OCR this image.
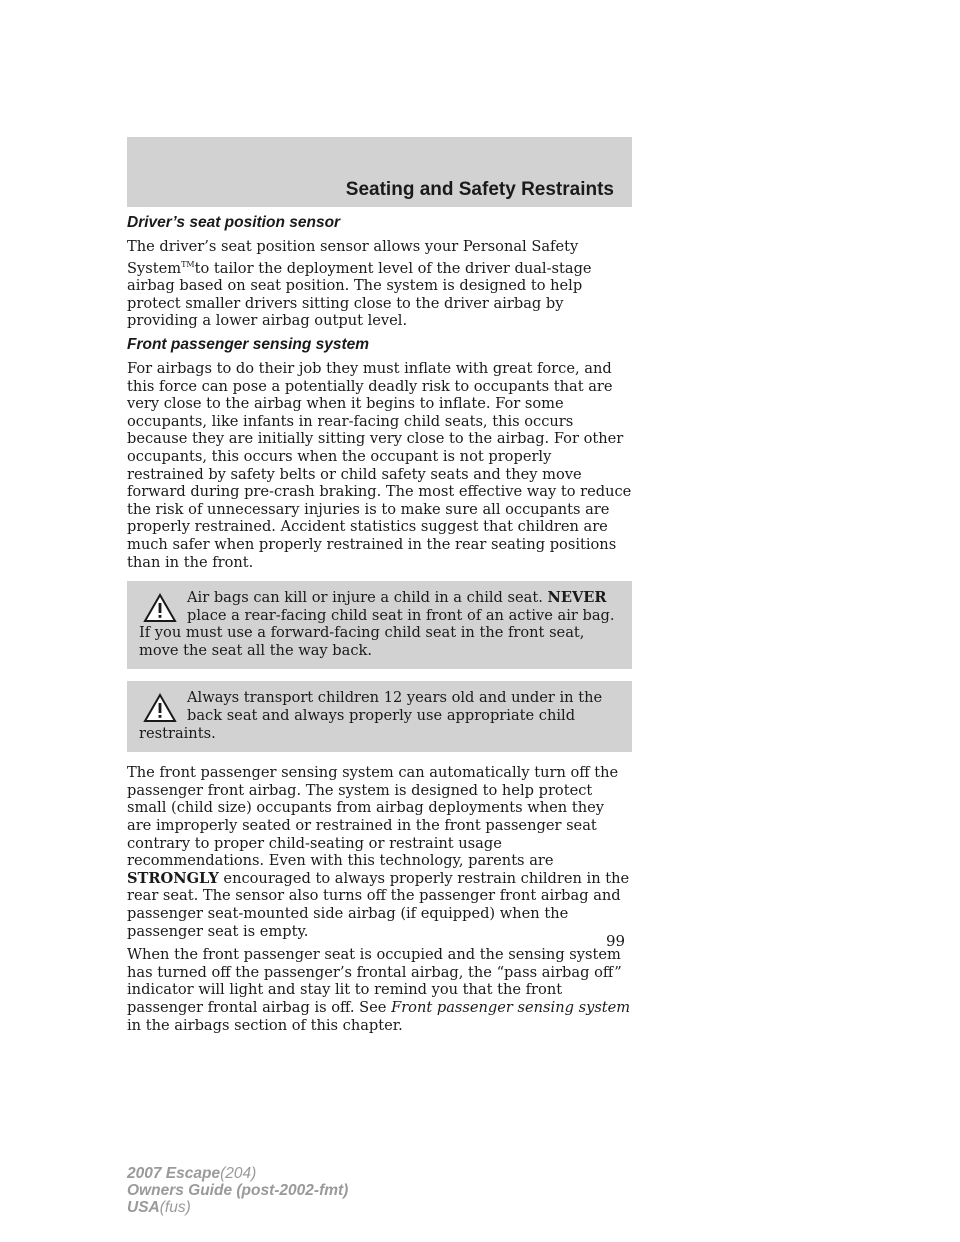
Seating and Safety Restraints
Driver’s seat position sensor

The driver’s seat position sensor allows your Personal Safety System™to tailor the deployment level of the driver dual-stage airbag based on seat position. The system is designed to help protect smaller drivers sitting close to the driver airbag by providing a lower airbag output level.

Front passenger sensing system

For airbags to do their job they must inflate with great force, and this force can pose a potentially deadly risk to occupants that are very close to the airbag when it begins to inflate. For some occupants, like infants in rear-facing child seats, this occurs because they are initially sitting very close to the airbag. For other occupants, this occurs when the occupant is not properly restrained by safety belts or child safety seats and they move forward during pre-crash braking. The most effective way to reduce the risk of unnecessary injuries is to make sure all occupants are properly restrained. Accident statistics suggest that children are much safer when properly restrained in the rear seating positions than in the front.

Air bags can kill or injure a child in a child seat. NEVER place a rear-facing child seat in front of an active air bag. If you must use a forward-facing child seat in the front seat, move the seat all the way back.
Always transport children 12 years old and under in the back seat and always properly use appropriate child restraints.

The front passenger sensing system can automatically turn off the passenger front airbag. The system is designed to help protect small (child size) occupants from airbag deployments when they are improperly seated or restrained in the front passenger seat contrary to proper child-seating or restraint usage recommendations. Even with this technology, parents are STRONGLY encouraged to always properly restrain children in the rear seat. The sensor also turns off the passenger front airbag and passenger seat-mounted side airbag (if equipped) when the passenger seat is empty.

When the front passenger seat is occupied and the sensing system has turned off the passenger’s frontal airbag, the “pass airbag off” indicator will light and stay lit to remind you that the front passenger frontal airbag is off. See Front passenger sensing system in the airbags section of this chapter.

99
2007 Escape(204)
Owners Guide (post-2002-fmt)
USA(fus)
